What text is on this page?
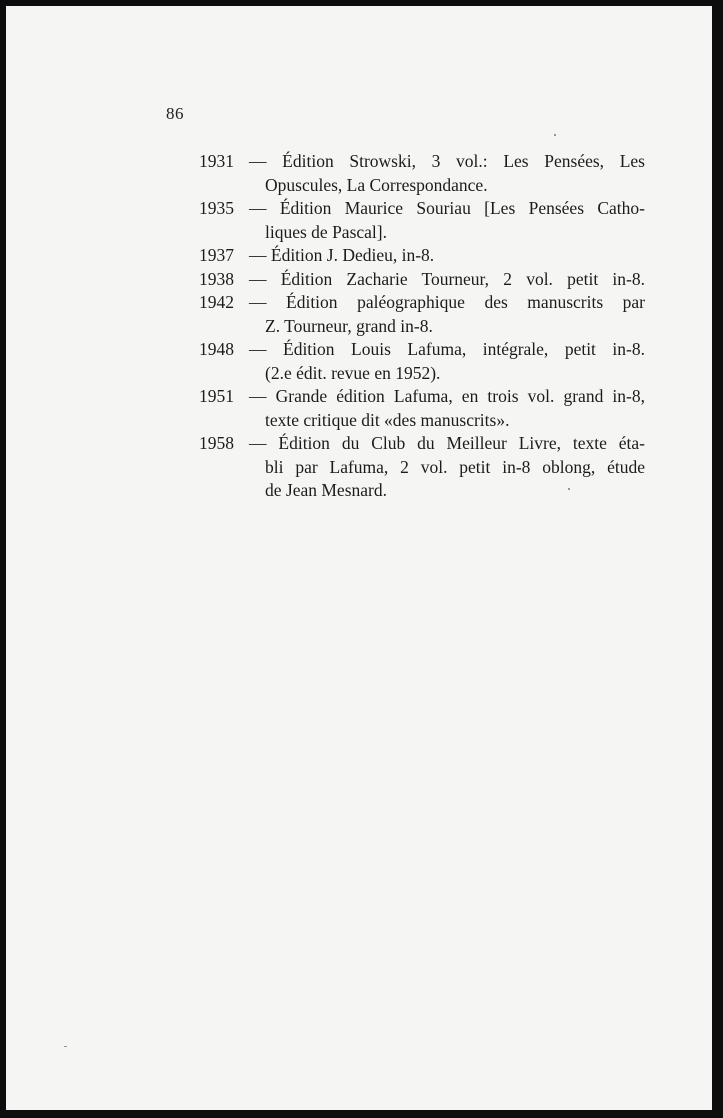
86
1931 — Édition Strowski, 3 vol.: Les Pensées, Les
Opuscules, La Correspondance.
1935 — Édition Maurice Souriau [Les Pensées Catho-
liques de Pascal].
1937 — Édition J. Dedieu, in-8.
1938 — Édition Zacharie Tourneur, 2 vol. petit in-8.
1942 — Édition paléographique des manuscrits par
Z. Tourneur, grand in-8.
1948 — Édition Louis Lafuma, intégrale, petit in-8.
(2.e édit. revue en 1952).
1951 — Grande édition Lafuma, en trois vol. grand in-8,
texte critique dit «des manuscrits».
1958 — Édition du Club du Meilleur Livre, texte éta-
bli par Lafuma, 2 vol. petit in-8 oblong, étude
de Jean Mesnard.
